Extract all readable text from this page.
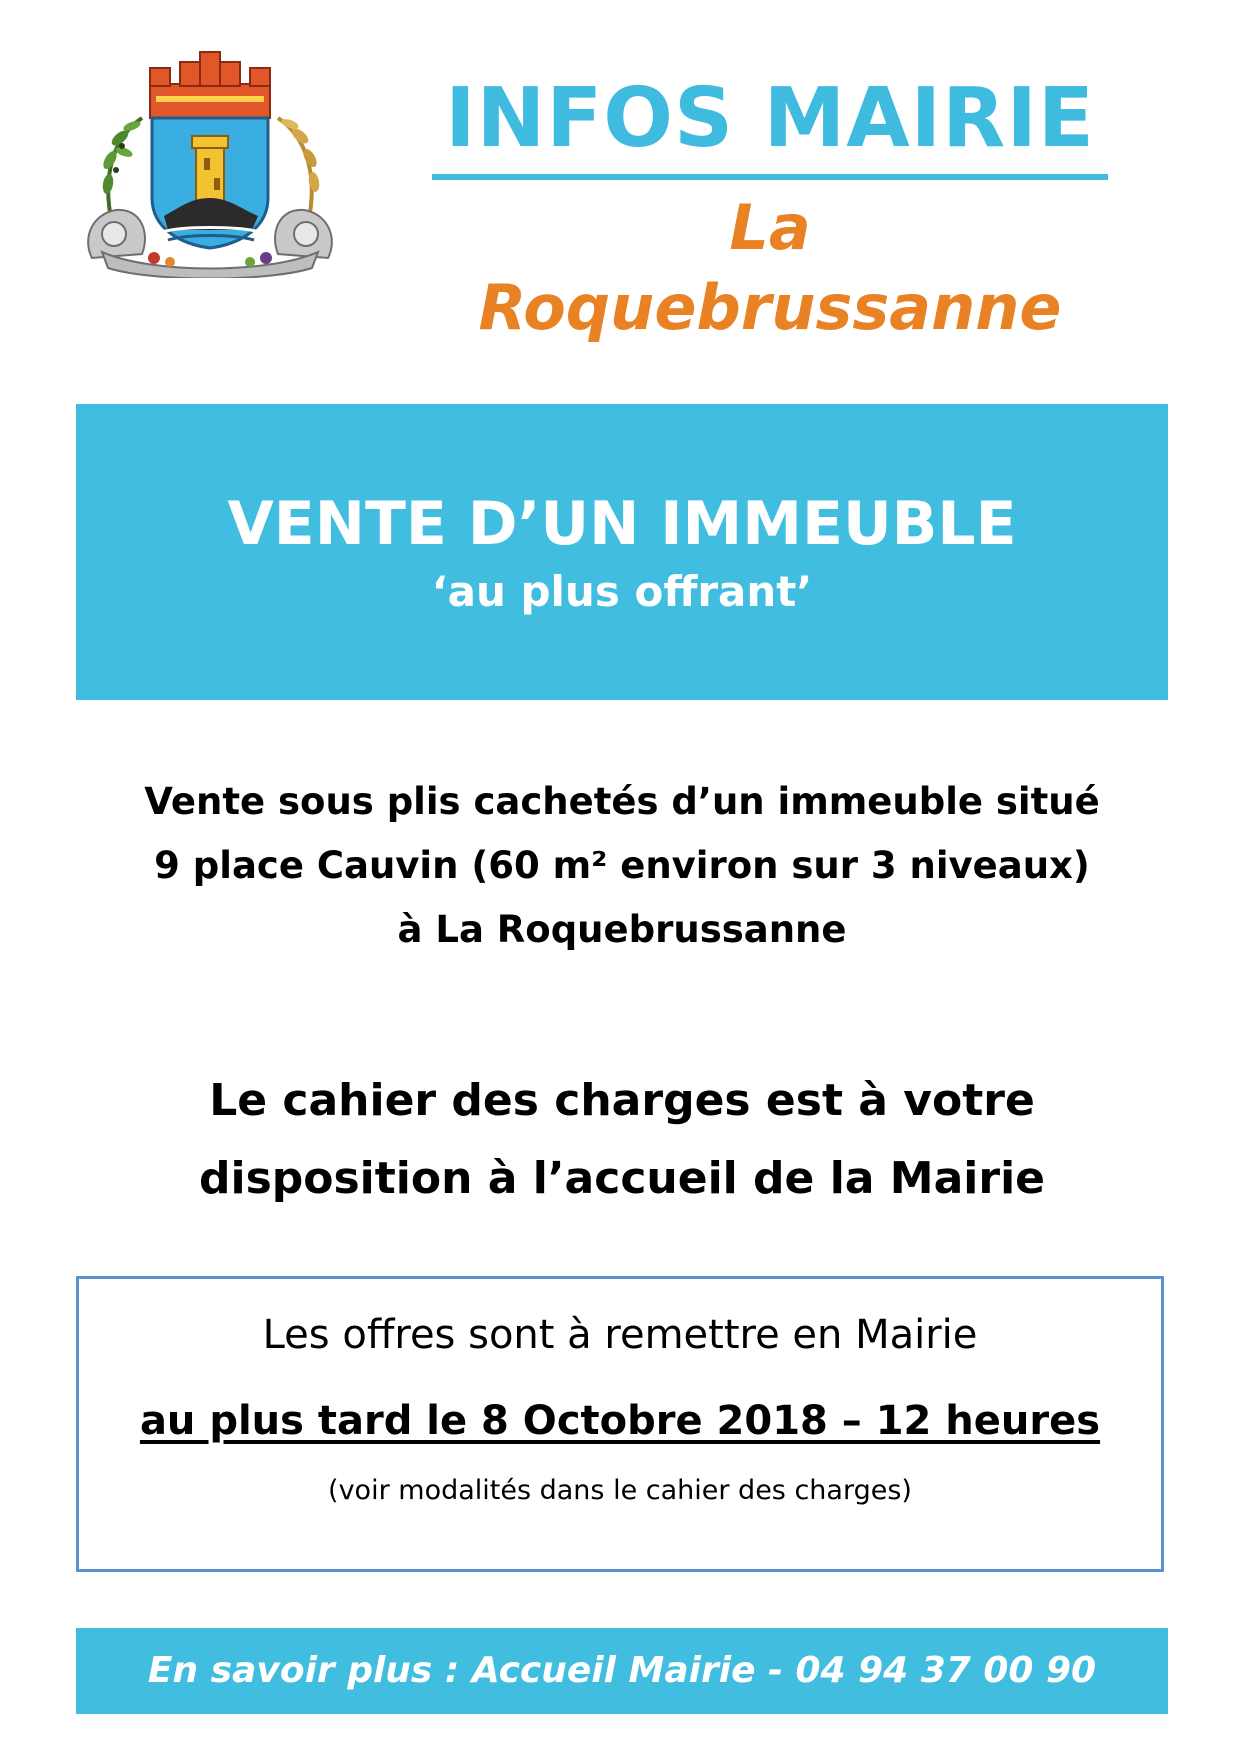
INFOS MAIRIE
La Roquebrussanne
VENTE D’UN IMMEUBLE
‘au plus offrant’
Vente sous plis cachetés d’un immeuble situé
9 place Cauvin (60 m² environ sur 3 niveaux)
à La Roquebrussanne
Le cahier des charges est à votre
disposition à l’accueil de la Mairie
Les offres sont à remettre en Mairie
au plus tard le 8 Octobre 2018 – 12 heures
(voir modalités dans le cahier des charges)
En savoir plus : Accueil Mairie - 04 94 37 00 90
